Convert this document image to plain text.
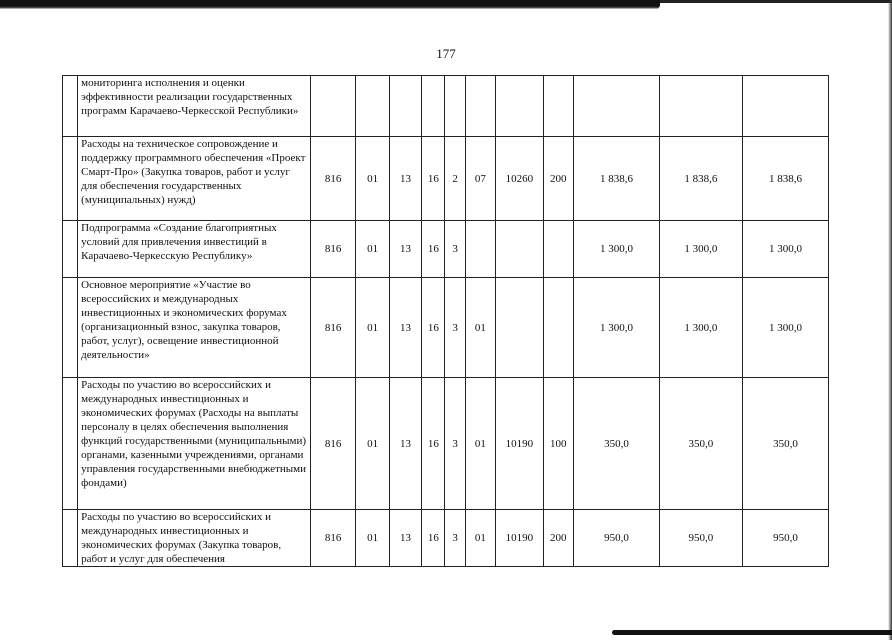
177
	мониторинга исполнения и оценки эффективности реализации государственных программ Карачаево-Черкесской Республики»											
	Расходы на техническое сопровождение и поддержку программного обеспечения «Проект Смарт-Про» (Закупка товаров, работ и услуг для обеспечения государственных (муниципальных) нужд)	816	01	13	16	2	07	10260	200	1 838,6	1 838,6	1 838,6
	Подпрограмма «Создание благоприятных условий для привлечения инвестиций в Карачаево-Черкесскую Республику»	816	01	13	16	3				1 300,0	1 300,0	1 300,0
	Основное мероприятие «Участие во всероссийских и международных инвестиционных и экономических форумах (организационный взнос, закупка товаров, работ, услуг), освещение инвестиционной деятельности»	816	01	13	16	3	01			1 300,0	1 300,0	1 300,0
	Расходы по участию во всероссийских и международных инвестиционных и экономических форумах (Расходы на выплаты персоналу в целях обеспечения выполнения функций государственными (муниципальными) органами, казенными учреждениями, органами управления государственными внебюджетными фондами)	816	01	13	16	3	01	10190	100	350,0	350,0	350,0
	Расходы по участию во всероссийских и международных инвестиционных и экономических форумах (Закупка товаров, работ и услуг для обеспечения	816	01	13	16	3	01	10190	200	950,0	950,0	950,0
